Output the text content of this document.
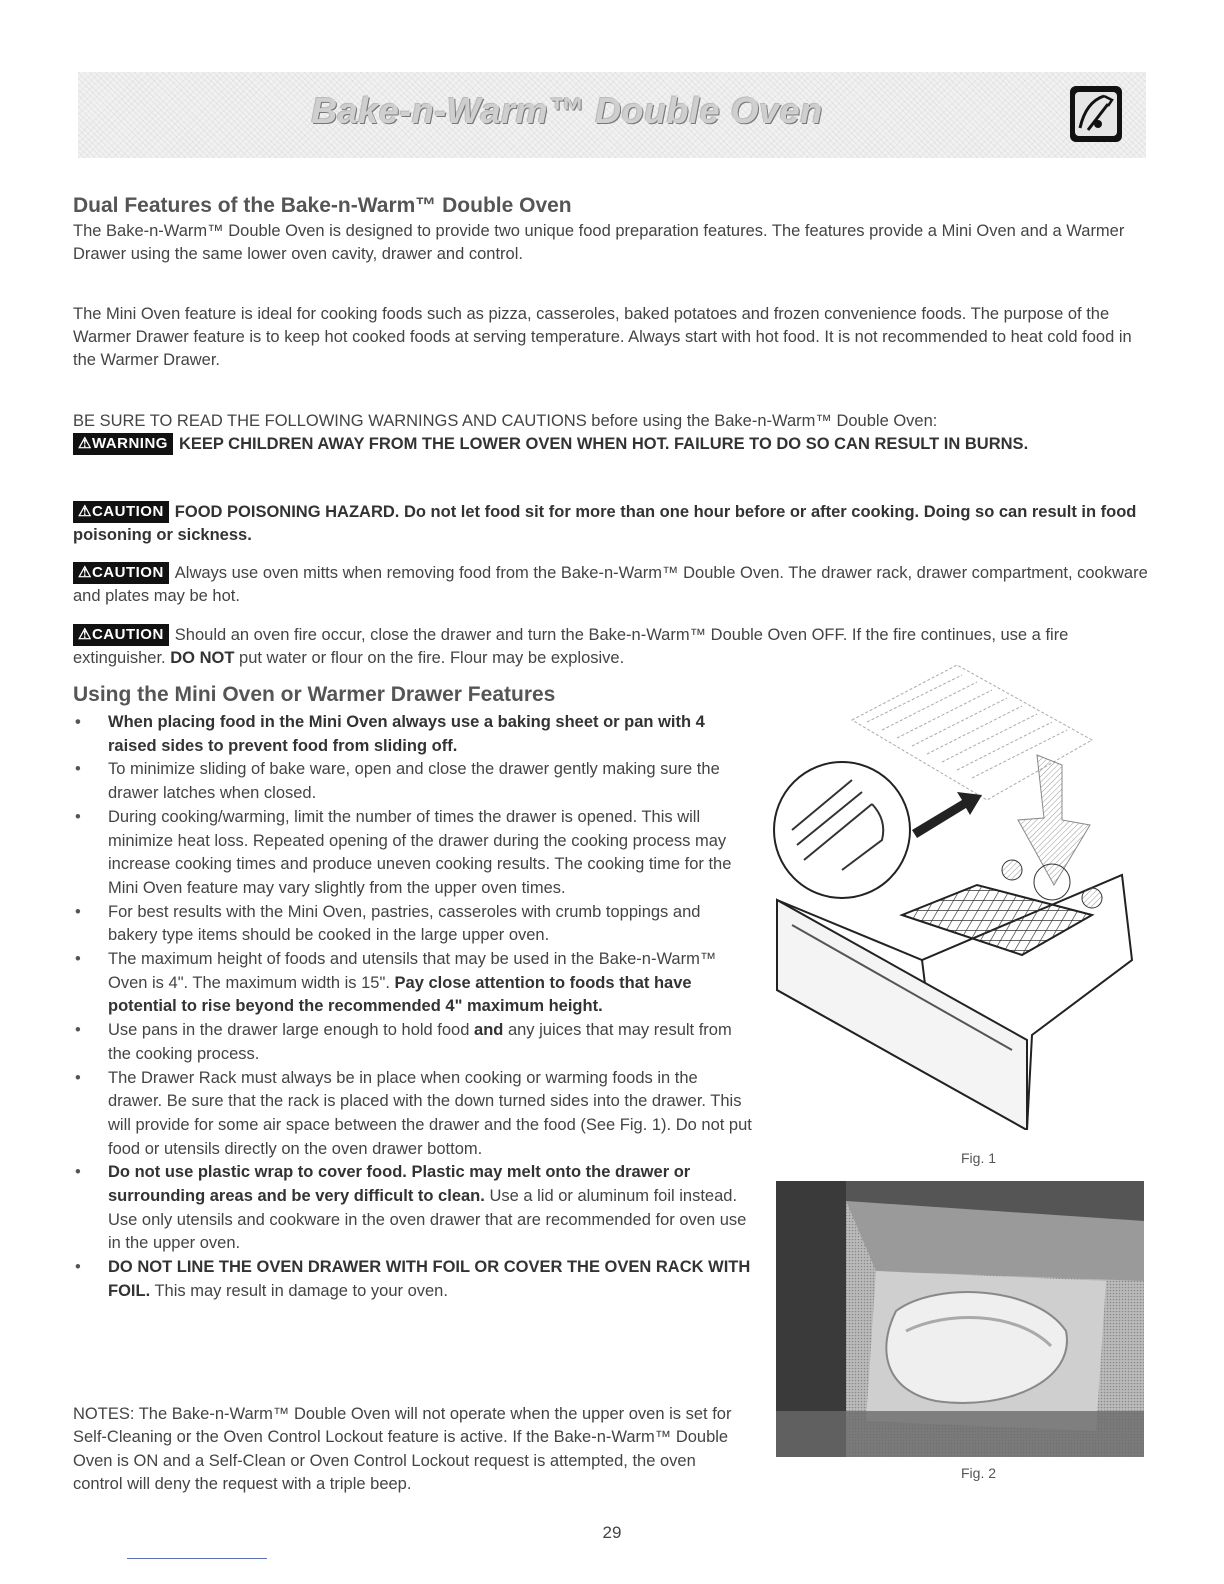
Bake-n-Warm™ Double Oven
Dual Features of the Bake-n-Warm™ Double Oven
The Bake-n-Warm™ Double Oven is designed to provide two unique food preparation features. The features provide a Mini Oven and a Warmer Drawer using the same lower oven cavity, drawer and control.
The Mini Oven feature is ideal for cooking foods such as pizza, casseroles, baked potatoes and frozen convenience foods. The purpose of the Warmer Drawer feature is to keep hot cooked foods at serving temperature. Always start with hot food. It is not recommended to heat cold food in the Warmer Drawer.
BE SURE TO READ THE FOLLOWING WARNINGS AND CAUTIONS before using the Bake-n-Warm™ Double Oven:
⚠WARNING KEEP CHILDREN AWAY FROM THE LOWER OVEN WHEN HOT. FAILURE TO DO SO CAN RESULT IN BURNS.
⚠CAUTION FOOD POISONING HAZARD. Do not let food sit for more than one hour before or after cooking. Doing so can result in food poisoning or sickness.
⚠CAUTION Always use oven mitts when removing food from the Bake-n-Warm™ Double Oven. The drawer rack, drawer compartment, cookware and plates may be hot.
⚠CAUTION Should an oven fire occur, close the drawer and turn the Bake-n-Warm™ Double Oven OFF. If the fire continues, use a fire extinguisher. DO NOT put water or flour on the fire. Flour may be explosive.
Using the Mini Oven or Warmer Drawer Features
• When placing food in the Mini Oven always use a baking sheet or pan with 4 raised sides to prevent food from sliding off.
• To minimize sliding of bake ware, open and close the drawer gently making sure the drawer latches when closed.
• During cooking/warming, limit the number of times the drawer is opened. This will minimize heat loss. Repeated opening of the drawer during the cooking process may increase cooking times and produce uneven cooking results. The cooking time for the Mini Oven feature may vary slightly from the upper oven times.
• For best results with the Mini Oven, pastries, casseroles with crumb toppings and bakery type items should be cooked in the large upper oven.
• The maximum height of foods and utensils that may be used in the Bake-n-Warm™ Oven is 4". The maximum width is 15". Pay close attention to foods that have potential to rise beyond the recommended 4" maximum height.
• Use pans in the drawer large enough to hold food and any juices that may result from the cooking process.
• The Drawer Rack must always be in place when cooking or warming foods in the drawer. Be sure that the rack is placed with the down turned sides into the drawer. This will provide for some air space between the drawer and the food (See Fig. 1). Do not put food or utensils directly on the oven drawer bottom.
• Do not use plastic wrap to cover food. Plastic may melt onto the drawer or surrounding areas and be very difficult to clean. Use a lid or aluminum foil instead. Use only utensils and cookware in the oven drawer that are recommended for oven use in the upper oven.
• DO NOT LINE THE OVEN DRAWER WITH FOIL OR COVER THE OVEN RACK WITH FOIL. This may result in damage to your oven.
NOTES: The Bake-n-Warm™ Double Oven will not operate when the upper oven is set for Self-Cleaning or the Oven Control Lockout feature is active. If the Bake-n-Warm™ Double Oven is ON and a Self-Clean or Oven Control Lockout request is attempted, the oven control will deny the request with a triple beep.
Fig. 1
Fig. 2
29
